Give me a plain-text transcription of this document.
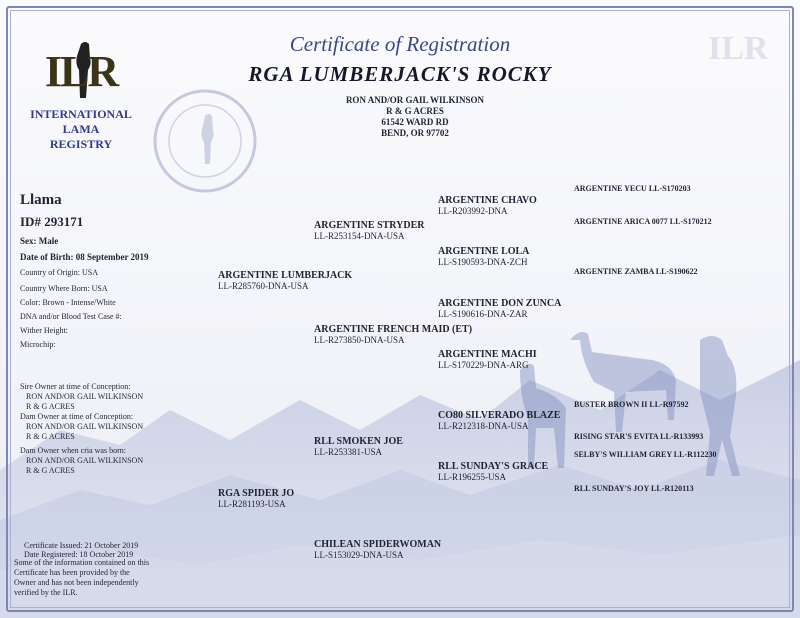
ILR
INTERNATIONAL
LAMA
REGISTRY
ILR
Certificate of Registration
RGA LUMBERJACK'S ROCKY
RON AND/OR GAIL WILKINSON
R & G ACRES
61542 WARD RD
BEND, OR 97702
Llama
ID# 293171
Sex: Male
Date of Birth: 08 September 2019
Country of Origin: USA
Country Where Born: USA
Color: Brown - Intense/White
DNA and/or Blood Test Case #:
Wither Height:
Microchip:
Sire Owner at time of Conception:
RON AND/OR GAIL WILKINSON
R & G ACRES
Dam Owner at time of Conception:
RON AND/OR GAIL WILKINSON
R & G ACRES
Dam Owner when cria was born:
RON AND/OR GAIL WILKINSON
R & G ACRES
Certificate Issued: 21 October 2019
Date Registered: 18 October 2019
Some of the information contained on this
Certificate has been provided by the
Owner and has not been independently
verified by the ILR.
ARGENTINE LUMBERJACK
LL-R285760-DNA-USA
RGA SPIDER JO
LL-R281193-USA
ARGENTINE STRYDER
LL-R253154-DNA-USA
ARGENTINE FRENCH MAID (ET)
LL-R273850-DNA-USA
RLL SMOKEN JOE
LL-R253381-USA
CHILEAN SPIDERWOMAN
LL-S153029-DNA-USA
ARGENTINE CHAVO
LL-R203992-DNA
ARGENTINE LOLA
LL-S190593-DNA-ZCH
ARGENTINE DON ZUNCA
LL-S190616-DNA-ZAR
ARGENTINE MACHI
LL-S170229-DNA-ARG
CO80 SILVERADO BLAZE
LL-R212318-DNA-USA
RLL SUNDAY'S GRACE
LL-R196255-USA
ARGENTINE YECU LL-S170203
ARGENTINE ARICA 0077 LL-S170212
ARGENTINE ZAMBA LL-S190622
BUSTER BROWN II LL-R97592
RISING STAR'S EVITA LL-R133993
SELBY'S WILLIAM GREY LL-R112230
RLL SUNDAY'S JOY LL-R120113
